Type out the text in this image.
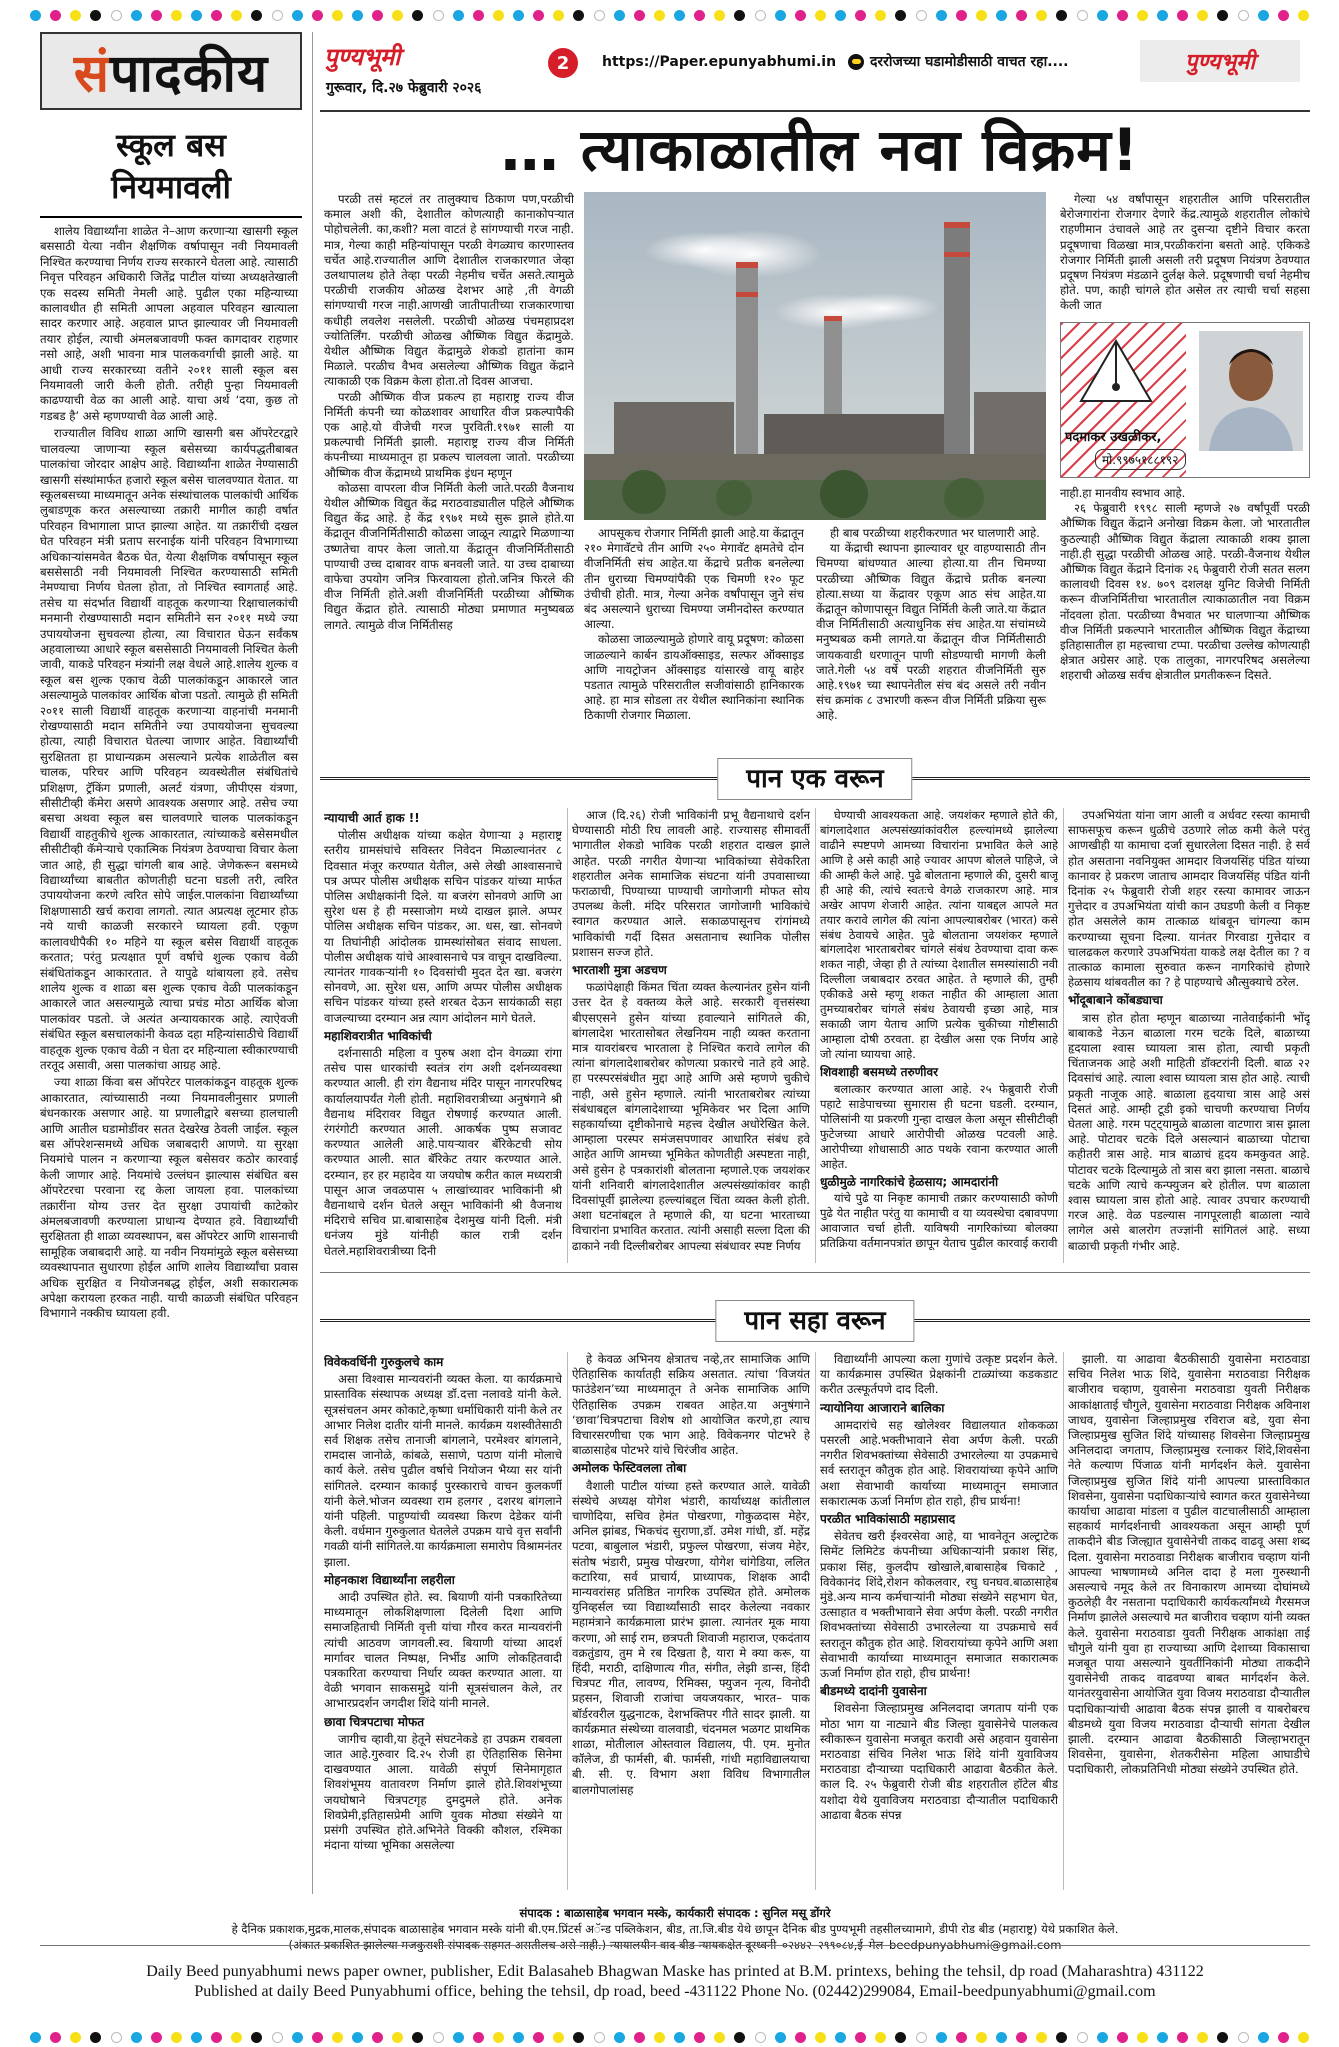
सं पादकीय
स्कूल बस
नियमावली

शालेय विद्यार्थ्यांना शाळेत ने–आण करणाऱ्या खासगी स्कूल बससाठी येत्या नवीन शैक्षणिक वर्षापासून नवी नियमावली निश्चित करण्याचा निर्णय राज्य सरकारने घेतला आहे. त्यासाठी निवृत्त परिवहन अधिकारी जितेंद्र पाटील यांच्या अध्यक्षतेखाली एक सदस्य समिती नेमली आहे. पुढील एका महिन्याच्या कालावधीत ही समिती आपला अहवाल परिवहन खात्याला सादर करणार आहे. अहवाल प्राप्त झाल्यावर जी नियमावली तयार होईल, त्याची अंमलबजावणी फक्त कागदावर राहणार नसो आहे, अशी भावना मात्र पालकवर्गाची झाली आहे. या आधी राज्य सरकारच्या वतीने २०११ साली स्कूल बस नियमावली जारी केली होती. तरीही पुन्हा नियमावली काढण्याची वेळ का आली आहे. याचा अर्थ ‘दया, कुछ तो गडबड है’ असे म्हणण्याची वेळ आली आहे.

राज्यातील विविध शाळा आणि खासगी बस ऑपरेटरद्वारे चालवल्या जाणाऱ्या स्कूल बसेसच्या कार्यपद्धतीबाबत पालकांचा जोरदार आक्षेप आहे. विद्यार्थ्यांना शाळेत नेण्यासाठी खासगी संस्थांमार्फत हजारो स्कूल बसेस चालवण्यात येतात. या स्कूलबसच्या माध्यमातून अनेक संस्थांचालक पालकांची आर्थिक लुबाडणूक करत असल्याच्या तक्रारी मागील काही वर्षात परिवहन विभागाला प्राप्त झाल्या आहेत. या तक्रारींची दखल घेत परिवहन मंत्री प्रताप सरनाईक यांनी परिवहन विभागाच्या अधिकाऱ्यांसमवेत बैठक घेत, येत्या शैक्षणिक वर्षापासून स्कूल बससेसाठी नवी नियमावली निश्चित करण्यासाठी समिती नेमण्याचा निर्णय घेतला होता, तो निश्चित स्वागतार्ह आहे. तसेच या संदर्भात विद्यार्थी वाहतूक करणाऱ्या रिक्षाचालकांची मनमानी रोखण्यासाठी मदान समितीने सन २०११ मध्ये ज्या उपाययोजना सुचवल्या होत्या, त्या विचारात घेऊन सर्वंकष अहवालाच्या आधारे स्कूल बससेसाठी नियमावली निश्चित केली जावी, याकडे परिवहन मंत्र्यांनी लक्ष वेधले आहे.शालेय शुल्क व स्कूल बस शुल्क एकाच वेळी पालकांकडून आकारले जात असल्यामुळे पालकांवर आर्थिक बोजा पडतो. त्यामुळे ही समिती २०११ साली विद्यार्थी वाहतूक करणाऱ्या वाहनांची मनमानी रोखण्यासाठी मदान समितीने ज्या उपाययोजना सुचवल्या होत्या, त्याही विचारात घेतल्या जाणार आहेत. विद्यार्थ्यांची सुरक्षितता हा प्राधान्यक्रम असल्याने प्रत्येक शाळेतील बस चालक, परिचर आणि परिवहन व्यवस्थेतील संबंधितांचे प्रशिक्षण, ट्रॅकिंग प्रणाली, अलर्ट यंत्रणा, जीपीएस यंत्रणा, सीसीटीव्ही कॅमेरा असणे आवश्यक असणार आहे. तसेच ज्या बसचा अथवा स्कूल बस चालवणारे चालक पालकांकडून विद्यार्थी वाहतुकीचे शुल्क आकारतात, त्यांच्याकडे बसेसमधील सीसीटीव्ही कॅमेऱ्याचे एकात्मिक नियंत्रण ठेवण्याचा विचार केला जात आहे, ही सुद्धा चांगली बाब आहे. जेणेकरून बसमध्ये विद्यार्थ्यांच्या बाबतीत कोणतीही घटना घडली तरी, त्वरित उपाययोजना करणे त्वरित सोपे जाईल.पालकांना विद्यार्थ्यांच्या शिक्षणासाठी खर्च करावा लागतो. त्यात अप्रत्यक्ष लूटमार होऊ नये याची काळजी सरकारने घ्यायला हवी. एकूण कालावधीपैकी १० महिने या स्कूल बसेस विद्यार्थी वाहतूक करतात; परंतु प्रत्यक्षात पूर्ण वर्षाचे शुल्क एकाच वेळी संबंधितांकडून आकारतात. ते यापुढे थांबायला हवे. तसेच शालेय शुल्क व शाळा बस शुल्क एकाच वेळी पालकांकडून आकारले जात असल्यामुळे त्याचा प्रचंड मोठा आर्थिक बोजा पालकांवर पडतो. जे अत्यंत अन्यायकारक आहे. त्याऐवजी संबंधित स्कूल बसचालकांनी केवळ दहा महिन्यांसाठीचे विद्यार्थी वाहतूक शुल्क एकाच वेळी न घेता दर महिन्याला स्वीकारण्याची तरतूद असावी, असा पालकांचा आग्रह आहे.

ज्या शाळा किंवा बस ऑपरेटर पालकांकडून वाहतूक शुल्क आकारतात, त्यांच्यासाठी नव्या नियमावलीनुसार प्रणाली बंधनकारक असणार आहे. या प्रणालीद्वारे बसच्या हालचाली आणि आतील घडामोडींवर सतत देखरेख ठेवली जाईल. स्कूल बस ऑपरेशन्समध्ये अधिक जबाबदारी आणणे. या सुरक्षा नियमांचे पालन न करणाऱ्या स्कूल बसेसवर कठोर कारवाई केली जाणार आहे. नियमांचे उल्लंघन झाल्यास संबंधित बस ऑपरेटरचा परवाना रद्द केला जायला हवा. पालकांच्या तक्रारींना योग्य उत्तर देत सुरक्षा उपायांची काटेकोर अंमलबजावणी करण्याला प्राधान्य देण्यात हवे. विद्यार्थ्यांची सुरक्षितता ही शाळा व्यवस्थापन, बस ऑपरेटर आणि शासनाची सामूहिक जबाबदारी आहे. या नवीन नियमांमुळे स्कूल बसेसच्या व्यवस्थापनात सुधारणा होईल आणि शालेय विद्यार्थ्यांचा प्रवास अधिक सुरक्षित व नियोजनबद्ध होईल, अशी सकारात्मक अपेक्षा करायला हरकत नाही. याची काळजी संबंधित परिवहन विभागाने नक्कीच घ्यायला हवी.

पुण्यभूमी
गुरूवार, दि.२७ फेब्रुवारी २०२६
2	https://Paper.epunyabhumi.in दररोजच्या घडामोडीसाठी वाचत रहा....	पुण्यभूमी
… त्याकाळातील नवा विक्रम!

परळी तसं म्हटलं तर तालुक्याच ठिकाण पण,परळीची कमाल अशी की, देशातील कोणत्याही कानाकोपऱ्यात पोहोचलेली. का,कशी? मला वाटतं हे सांगण्याची गरज नाही. मात्र, गेल्या काही महिन्यांपासून परळी वेगळ्याच कारणास्तव चर्चेत आहे.राज्यातील आणि देशातील राजकारणात जेव्हा उलथापालथ होते तेव्हा परळी नेहमीच चर्चेत असते.त्यामुळे परळीची राजकीय ओळख देशभर आहे ,ती वेगळी सांगण्याची गरज नाही.आणखी जातीपातीच्या राजकारणाचा कधीही लवलेश नसलेली. परळीची ओळख पंचमहाप्रदश ज्योतिर्लिंग. परळीची ओळख औष्णिक विद्युत केंद्रामुळे. येथील औष्णिक विद्युत केंद्रामुळे शेकडो हातांना काम मिळाले. परळीच वैभव असलेल्या औष्णिक विद्युत केंद्राने त्याकाळी एक विक्रम केला होता.तो दिवस आजचा.

परळी औष्णिक वीज प्रकल्प हा महाराष्ट्र राज्य वीज निर्मिती कंपनी च्या कोळशावर आधारित वीज प्रकल्पापैकी एक आहे.यो वीजेची गरज पुरविती.१९७१ साली या प्रकल्पाची निर्मिती झाली. महाराष्ट्र राज्य वीज निर्मिती कंपनीच्या माध्यमातून हा प्रकल्प चालवला जातो. परळीच्या औष्णिक वीज केंद्रामध्ये प्राथमिक इंधन म्हणून

कोळसा वापरला वीज निर्मिती केली जाते.परळी वैजनाथ येथील औष्णिक विद्युत केंद्र मराठवाड्यातील पहिले औष्णिक विद्युत केंद्र आहे. हे केंद्र १९७१ मध्ये सुरू झाले होते.या केंद्रातून वीजनिर्मितीसाठी कोळसा जाळून त्याद्वारे मिळणाऱ्या उष्णतेचा वापर केला जातो.या केंद्रातून वीजनिर्मितीसाठी पाण्याची उच्च दाबावर वाफ बनवली जाते. या उच्च दाबाच्या वाफेचा उपयोग जनित्र फिरवायला होतो.जनित्र फिरले की वीज निर्मिती होते.अशी वीजनिर्मिती परळीच्या औष्णिक विद्युत केंद्रात होते. त्यासाठी मोठ्या प्रमाणात मनुष्यबळ लागते. त्यामुळे वीज निर्मितीसह

आपसूकच रोजगार निर्मिती झाली आहे.या केंद्रातून २१० मेगावॅटचे तीन आणि २५० मेगावॅट क्षमतेचे दोन वीजनिर्मिती संच आहेत.या केंद्राचे प्रतीक बनलेल्या तीन धुराच्या चिमण्यांपैकी एक चिमणी १२० फूट उंचीची होती. मात्र, गेल्या अनेक वर्षांपासून जुने संच बंद असल्याने धुराच्या चिमण्या जमीनदोस्त करण्यात आल्या.

कोळसा जाळल्यामुळे होणारे वायू प्रदूषण: कोळसा जाळल्याने कार्बन डायऑक्साइड, सल्फर ऑक्साइड आणि नायट्रोजन ऑक्साइड यांसारखे वायू बाहेर पडतात त्यामुळे परिसरातील सजीवांसाठी हानिकारक आहे. हा मात्र सोडला तर येथील स्थानिकांना स्थानिक ठिकाणी रोजगार मिळाला.

ही बाब परळीच्या शहरीकरणात भर घालणारी आहे.

या केंद्राची स्थापना झाल्यावर धूर वाहण्यासाठी तीन चिमण्या बांधण्यात आल्या होत्या.या तीन चिमण्या परळीच्या औष्णिक विद्युत केंद्राचे प्रतीक बनल्या होत्या.सध्या या केंद्रावर एकूण आठ संच आहेत.या केंद्रातून कोणापासून विद्युत निर्मिती केली जाते.या केंद्रात वीज निर्मितीसाठी अत्याधुनिक संच आहेत.या संचांमध्ये मनुष्यबळ कमी लागते.या केंद्रातून वीज निर्मितीसाठी जायकवाडी धरणातून पाणी सोडण्याची मागणी केली जाते.गेली ५४ वर्षे परळी शहरात वीजनिर्मिती सुरु आहे.१९७१ च्या स्थापनेतील संच बंद असले तरी नवीन संच क्रमांक ८ उभारणी करून वीज निर्मिती प्रक्रिया सुरू आहे.

गेल्या ५४ वर्षांपासून शहरातील आणि परिसरातील बेरोजगारांना रोजगार देणारे केंद्र.त्यामुळे शहरातील लोकांचे राहणीमान उंचावले आहे तर दुसऱ्या दृष्टीने विचार करता प्रदूषणाचा विळखा मात्र,परळीकरांना बसतो आहे. एकिकडे रोजगार निर्मिती झाली असली तरी प्रदूषण नियंत्रण ठेवण्यात प्रदूषण नियंत्रण मंडळाने दुर्लक्ष केले. प्रदूषणाची चर्चा नेहमीच होते. पण, काही चांगले होत असेल तर त्याची चर्चा सहसा केली जात

पदमाकर उखळीकर,
मो.९९७५१८८१९२

नाही.हा मानवीय स्वभाव आहे.

२६ फेब्रुवारी १९९८ साली म्हणजे २७ वर्षांपूर्वी परळी औष्णिक विद्युत केंद्राने अनोखा विक्रम केला. जो भारतातील कुठल्याही औष्णिक विद्युत केंद्राला त्याकाळी शक्य झाला नाही.ही सुद्धा परळीची ओळख आहे. परळी-वैजनाथ येथील औष्णिक विद्युत केंद्राने दिनांक २६ फेब्रुवारी रोजी सतत सलग कालावधी दिवस १४. ७०९ दशलक्ष युनिट विजेची निर्मिती करून वीजनिर्मितीचा भारतातील त्याकाळातील नवा विक्रम नोंदवला होता. परळीच्या वैभवात भर घालणाऱ्या औष्णिक वीज निर्मिती प्रकल्पाने भारतातील औष्णिक विद्युत केंद्राच्या इतिहासातील हा महत्त्वाचा टप्पा. परळीचा उल्लेख कोणत्याही क्षेत्रात अग्रेसर आहे. एक तालुका, नागरपरिषद असलेल्या शहराची ओळख सर्वच क्षेत्रातील प्रगतीकरून दिसते.

पान एक वरून

न्यायाची आर्त हाक !!

पोलीस अधीक्षक यांच्या कक्षेत येणाऱ्या ३ महाराष्ट्र स्तरीय ग्रामसंघांचे सविस्तर निवेदन मिळाल्यानंतर ८ दिवसात मंजूर करण्यात येतील, असे लेखी आश्वासनाचे पत्र अप्पर पोलीस अधीक्षक सचिन पांडकर यांच्या मार्फत पोलिस अधीक्षकांनी दिले. या बजरंग सोनवणे आणि आ सुरेश धस हे ही मस्साजोग मध्ये दाखल झाले. अप्पर पोलिस अधीक्षक सचिन पांडकर, आ. धस, खा. सोनवणे या तिघांनीही आंदोलक ग्रामस्थांसोबत संवाद साधला. पोलीस अधीक्षक यांचे आश्वासनाचे पत्र वाचून दाखविल्या. त्यानंतर गावकऱ्यांनी १० दिवसांची मुदत देत खा. बजरंग सोनवणे, आ. सुरेश धस, आणि अप्पर पोलीस अधीक्षक सचिन पांडकर यांच्या हस्ते शरबत देऊन सायंकाळी सहा वाजल्याच्या दरम्यान अन्न त्याग आंदोलन मागे घेतले.

महाशिवरात्रीत भाविकांची

दर्शनासाठी महिला व पुरुष अशा दोन वेगळ्या रांगा तसेच पास धारकांची स्वतंत्र रांग अशी दर्शनव्यवस्था करण्यात आली. ही रांग वैद्यनाथ मंदिर पासून नागरपरिषद कार्यालयापर्यंत गेली होती. महाशिवरात्रीच्या अनुषंगाने श्री वैद्यनाथ मंदिरावर विद्युत रोषणाई करण्यात आली. रंगरंगोटी करण्यात आली. आकर्षक पुष्प सजावट करण्यात आलेली आहे.पायऱ्यावर बॅरिकेटची सोय करण्यात आली. सात बॅरिकेट तयार करण्यात आले. दरम्यान, हर हर महादेव या जयघोष करीत काल मध्यरात्री पासून आज जवळपास ५ लाखांच्यावर भाविकांनी श्री वैद्यनाथाचे दर्शन घेतले असून भाविकांनी श्री वैजनाथ मंदिराचे सचिव प्रा.बाबासाहेब देशमुख यांनी दिली. मंत्री धनंजय मुंडे यांनीही काल रात्री दर्शन घेतले.महाशिवरात्रीच्या दिनी

आज (दि.२६) रोजी भाविकांनी प्रभू वैद्यनाथाचे दर्शन घेण्यासाठी मोठी रिघ लावली आहे. राज्यासह सीमावर्ती भागातील शेकडो भाविक परळी शहरात दाखल झाले आहेत. परळी नगरीत येणाऱ्या भाविकांच्या सेवेकरिता शहरातील अनेक सामाजिक संघटना यांनी उपवासाच्या फराळाची, पिण्याच्या पाण्याची जागोजागी मोफत सोय उपलब्ध केली. मंदिर परिसरात जागोजागी भाविकांचे स्वागत करण्यात आले. सकाळपासूनच रांगांमध्ये भाविकांची गर्दी दिसत असतानाच स्थानिक पोलीस प्रशासन सज्ज होते.

भारताशी मुत्रा अडचण

फळांपेक्षाही किंमत चिंता व्यक्त केल्यानंतर हुसेन यांनी उत्तर देत हे वक्तव्य केले आहे. सरकारी वृत्तसंस्था बीएसएसने हुसेन यांच्या हवाल्याने सांगितले की, बांगलादेश भारतासोबत लेखनियम नाही व्यक्त करताना मात्र यावरांबरच भारताला हे निश्चित करावे लागेल की त्यांना बांगलादेशाबरोबर कोणत्या प्रकारचे नाते हवे आहे. हा परस्परसंबंधीत मुद्दा आहे आणि असे म्हणणे चुकीचे नाही, असे हुसेन म्हणाले. त्यांनी भारताबरोबर त्यांच्या संबंधाबद्दल बांगलादेशाच्या भूमिकेवर भर दिला आणि सहकार्याच्या दृष्टीकोनाचे महत्त्व देखील अधोरेखित केले. आम्हाला परस्पर समंजसपणावर आधारित संबंध हवे आहेत आणि आमच्या भूमिकेत कोणतीही अस्पष्टता नाही, असे हुसेन हे पत्रकारांशी बोलताना म्हणाले.एक जयशंकर यांनी शनिवारी बांगलादेशातील अल्पसंख्यांकांवर काही दिवसांपूर्वी झालेल्या हल्ल्यांबद्दल चिंता व्यक्त केली होती. अशा घटनांबद्दल ते म्हणाले की, या घटना भारताच्या विचारांना प्रभावित करतात. त्यांनी असाही सल्ला दिला की ढाकाने नवी दिल्लीबरोबर आपल्या संबंधावर स्पष्ट निर्णय

घेण्याची आवश्यकता आहे. जयशंकर म्हणाले होते की, बांगलादेशात अल्पसंख्यांकांवरील हल्ल्यांमध्ये झालेल्या वाढीने स्पष्टपणे आमच्या विचारांना प्रभावित केले आहे आणि हे असे काही आहे ज्यावर आपण बोलले पाहिजे, जे की आम्ही केले आहे. पुढे बोलताना म्हणाले की, दुसरी बाजू ही आहे की, त्यांचे स्वतःचे वेगळे राजकारण आहे. मात्र अखेर आपण शेजारी आहेत. त्यांना याबद्दल आपले मत तयार करावे लागेल की त्यांना आपल्याबरोबर (भारत) कसे संबंध ठेवायचे आहेत. पुढे बोलताना जयशंकर म्हणाले बांगलादेश भारताबरोबर चांगले संबंध ठेवण्याचा दावा करू शकत नाही, जेव्हा ही ते त्यांच्या देशातील समस्यांसाठी नवी दिल्लीला जबाबदार ठरवत आहेत. ते म्हणाले की, तुम्ही एकीकडे असे म्हणू शकत नाहीत की आम्हाला आता तुमच्याबरोबर चांगले संबंध ठेवायची इच्छा आहे, मात्र सकाळी जाग येताच आणि प्रत्येक चुकीच्या गोष्टीसाठी आम्हाला दोषी ठरवता. हा देखील असा एक निर्णय आहे जो त्यांना घ्यायचा आहे.

शिवशाही बसमध्ये तरुणीवर

बलात्कार करण्यात आला आहे. २५ फेब्रुवारी रोजी पहाटे साडेपाचच्या सुमारास ही घटना घडली. दरम्यान, पोलिसांनी या प्रकरणी गुन्हा दाखल केला असून सीसीटीव्ही फुटेजच्या आधारे आरोपीची ओळख पटवली आहे. आरोपीच्या शोधासाठी आठ पथके रवाना करण्यात आली आहेत.

धुळीमुळे नागरिकांचे हेळसाय; आमदारांनी

यांचे पुढे या निकृष्ट कामाची तक्रार करण्यासाठी कोणी पुढे येत नाहीत परंतु या कामाची व या व्यवस्थेचा दबावपणा आवाजात चर्चा होती. याविषयी नागरिकांच्या बोलक्या प्रतिक्रिया वर्तमानपत्रांत छापून येताच पुढील कारवाई करावी

उपअभियंता यांना जाग आली व अर्धवट रस्त्या कामाची साफसफूच करून धुळीचे उठणारे लोळ कमी केले परंतु आणखीही या कामाचा दर्जा सुधारलेला दिसत नाही. हे सर्व होत असताना नवनियुक्त आमदार विजयसिंह पंडित यांच्या कानावर हे प्रकरण जाताच आमदार विजयसिंह पंडित यांनी दिनांक २५ फेब्रुवारी रोजी शहर रस्त्या कामावर जाऊन गुत्तेदार व उपअभियंता यांची कान उघडणी केली व निकृष्ट होत असलेले काम तात्काळ थांबवून चांगल्या काम करण्याच्या सूचना दिल्या. यानंतर गिरवाडा गुत्तेदार व चालढकल करणारे उपअभियंता याकडे लक्ष देतील का ? व तात्काळ कामाला सुरुवात करून नागरिकांचे होणारे हेळसाय थांबवतील का ? हे पाहण्याचे औत्सुक्याचे ठरेल.

भोंदूबाबाने कोंबड्याचा

त्रास होत होता म्हणून बाळाच्या नातेवाईकांनी भोंदू बाबाकडे नेऊन बाळाला गरम चटके दिले, बाळाच्या हृदयाला श्वास घ्यायला त्रास होता, त्याची प्रकृती चिंताजनक आहे अशी माहिती डॉक्टरांनी दिली. बाळ २२ दिवसांचं आहे. त्याला श्वास घ्यायला त्रास होत आहे. त्याची प्रकृती नाजूक आहे. बाळाला हृदयाचा त्रास आहे असं दिसतं आहे. आम्ही टूडी इको चाचणी करण्याचा निर्णय घेतला आहे. गरम पट्ट्यामुळे बाळाला वाटणारा त्रास झाला आहे. पोटावर चटके दिले असल्यानं बाळाच्या पोटाचा कहीतरी त्रास आहे. मात्र बाळाचं हृदय कमकुवत आहे. पोटावर चटके दिल्यामुळे तो त्रास बरा झाला नसता. बाळाचे चटके आणि त्याचे कन्फ्युजन बरे होतील. पण बाळाला श्वास घ्यायला त्रास होतो आहे. त्यावर उपचार करण्याची गरज आहे. वेळ पडल्यास नागपूरलाही बाळाला न्यावे लागेल असे बालरोग तज्ज्ञांनी सांगितलं आहे. सध्या बाळाची प्रकृती गंभीर आहे.

पान सहा वरून

विवेकवर्धिनी गुरुकुलचे काम

असा विश्वास मान्यवरांनी व्यक्त केला. या कार्यक्रमाचे प्रास्ताविक संस्थापक अध्यक्ष डॉ.दत्ता नलावडे यांनी केले. सूत्रसंचलन अमर कोकाटे,कृष्णा धर्माधिकारी यांनी केले तर आभार निलेश दातीर यांनी मानले. कार्यक्रम यशस्वीतेसाठी सर्व शिक्षक तसेच तानाजी बांगलाने, परमेश्वर बांगलाने, रामदास जानोळे, कांबळे, ससाणे, पठाण यांनी मोलाचे कार्य केले. तसेच पुढील वर्षाचे नियोजन भैय्या सर यांनी सांगितले. दरम्यान काकाई पुरस्काराचे वाचन कुलकर्णी यांनी केले.भोजन व्यवस्था राम हलगर , दशरथ बांगलाने यांनी पहिली. पाहुण्यांची व्यवस्था किरण देडेकर यांनी केली. वर्धमान गुरुकुलात घेतलेले उपक्रम याचे वृत्त सर्वांनी गवळी यांनी सांगितले.या कार्यक्रमाला समारोप विश्रामनंतर झाला.

मोहनकाश विद्यार्थ्यांना लहरीला

आदी उपस्थित होते. स्व. बियाणी यांनी पत्रकारितेच्या माध्यमातून लोकशिक्षणाला दिलेली दिशा आणि समाजहिताची निर्मिती वृत्ती यांचा गौरव करत मान्यवरांनी त्यांची आठवण जागवली.स्व. बियाणी यांच्या आदर्श मार्गावर चालत निष्पक्ष, निर्भीड आणि लोकहितवादी पत्रकारिता करण्याचा निर्धार व्यक्त करण्यात आला. या वेळी भगवान साकसमुद्रे यांनी सूत्रसंचालन केले, तर आभारप्रदर्शन जगदीश शिंदे यांनी मानले.

छावा चित्रपटाचा मोफत

जागीच व्हावी,या हेतूने संघटनेकडे हा उपक्रम राबवला जात आहे.गुरुवार दि.२५ रोजी हा ऐतिहासिक सिनेमा दाखवण्यात आला. यावेळी संपूर्ण सिनेमागृहात शिवशंभूमय वातावरण निर्माण झाले होते.शिवशंभूच्या जयघोषाने चित्रपटगृह दुमदुमले होते. अनेक शिवप्रेमी,इतिहासप्रेमी आणि युवक मोठ्या संख्येने या प्रसंगी उपस्थित होते.अभिनेते विक्की कौशल, रश्मिका मंदाना यांच्या भूमिका असलेल्या

हे केवळ अभिनय क्षेत्रातच नव्हे,तर सामाजिक आणि ऐतिहासिक कार्यातही सक्रिय असतात. त्यांचा ‘विजयंत फाउंडेशन’च्या माध्यमातून ते अनेक सामाजिक आणि ऐतिहासिक उपक्रम राबवत आहेत.या अनुषंगाने ‘छावा’चित्रपटाचा विशेष शो आयोजित करणे,हा त्याच विचारसरणीचा एक भाग आहे. विवेकनगर पोटभरे हे बाळासाहेब पोटभरे यांचे चिरंजीव आहेत.

अमोलक फेस्टिवलला तोबा

वैशाली पाटील यांच्या हस्ते करण्यात आले. यावेळी संस्थेचे अध्यक्ष योगेश भंडारी, कार्याध्यक्ष कांतीलाल चाणोदिया, सचिव हेमंत पोखरणा, गोकुळदास मेहेर, अनिल झांबड, भिकचंद सुराणा,डॉ. उमेश गांधी, डॉ. महेंद्र पटवा, बाबुलाल भंडारी, प्रफुल्ल पोखरणा, संजय मेहेर, संतोष भंडारी, प्रमुख पोखरणा, योगेश चांगेडिया, ललित कटारिया, सर्व प्राचार्य, प्राध्यापक, शिक्षक आदी मान्यवरांसह प्रतिष्ठित नागरिक उपस्थित होते. अमोलक युनिव्हर्सल च्या विद्यार्थ्यांसाठी सादर केलेल्या नवकार महामंत्राने कार्यक्रमाला प्रारंभ झाला. त्यानंतर मूक माया करणा, ओ साई राम, छत्रपती शिवाजी महाराज, एकदंताय वक्रतुंडाय, तुम मे रब दिखता है, यारा मे क्या करू, या हिंदी, मराठी, दाक्षिणात्य गीत, संगीत, लेझी डान्स, हिंदी चित्रपट गीत, लावण्य, रिमिक्स, फ्युजन नृत्य, विनोदी प्रहसन, शिवाजी राजांचा जयजयकार, भारत– पाक बॉर्डरवरील युद्धनाटक, देशभक्तिपर गीते सादर झाली. या कार्यक्रमात संस्थेच्या वालवाडी, चंदनमल भळगट प्राथमिक शाळा, मोतीलाल ओस्तवाल विद्यालय, पी. एम. मुनोत कॉलेज, डी फार्मसी, बी. फार्मसी, गांधी महाविद्यालयाचा बी. सी. ए. विभाग अशा विविध विभागातील बालगोपालांसह

विद्यार्थ्यांनी आपल्या कला गुणांचे उत्कृष्ट प्रदर्शन केले. या कार्यक्रमास उपस्थित प्रेक्षकांनी टाळ्यांच्या कडकडाट करीत उत्स्फूर्तपणे दाद दिली.

न्यायोनिया आजाराने बालिका

आमदारांचे सह खोलेश्वर विद्यालयात शोककळा पसरली आहे.भक्तीभावाने सेवा अर्पण केली. परळी नगरीत शिवभक्तांच्या सेवेसाठी उभारलेल्या या उपक्रमाचे सर्व स्तरातून कौतुक होत आहे. शिवरायांच्या कृपेने आणि अशा सेवाभावी कार्याच्या माध्यमातून समाजात सकारात्मक ऊर्जा निर्माण होत राहो, हीच प्रार्थना!

परळीत भाविकांसाठी महाप्रसाद

सेवेतच खरी ईश्वरसेवा आहे, या भावनेतून अल्ट्राटेक सिमेंट लिमिटेड कंपनीच्या अधिकाऱ्यांनी प्रकाश सिंह, प्रकाश सिंह, कुलदीप खोखाले,बाबासाहेब चिकाटे , विवेकानंद शिंदे,रोशन कोकलवार, रघु घनघव.बाळासाहेब मुंडे.अन्य मान्य कर्मचाऱ्यांनी मोठ्या संख्येने सहभाग घेत, उत्साहात व भक्तीभावाने सेवा अर्पण केली. परळी नगरीत शिवभक्तांच्या सेवेसाठी उभारलेल्या या उपक्रमाचे सर्व स्तरातून कौतुक होत आहे. शिवरायांच्या कृपेने आणि अशा सेवाभावी कार्याच्या माध्यमातून समाजात सकारात्मक ऊर्जा निर्माण होत राहो, हीच प्रार्थना!

बीडमध्ये दादांनी युवासेना

शिवसेना जिल्हाप्रमुख अनिलदादा जगताप यांनी एक मोठा भाग या नाट्याने बीड जिल्हा युवासेनेचे पालकत्व स्वीकारून युवासेना मजबूत करावी असे अहवान युवासेना मराठवाडा संचिव निलेश भाऊ शिंदे यांनी युवाविजय मराठवाडा दौऱ्याच्या पदाधिकारी आढावा बैठकीत केले. काल दि. २५ फेब्रुवारी रोजी बीड शहरातील हॉटेल बीड यशोदा येथे युवाविजय मराठवाडा दौऱ्यातील पदाधिकारी आढावा बैठक संपन्न

झाली. या आढावा बैठकीसाठी युवासेना मराठवाडा सचिव निलेश भाऊ शिंदे, युवासेना मराठवाडा निरीक्षक बाजीराव चव्हाण, युवासेना मराठवाडा युवती निरीक्षक आकांक्षाताई चौगुले, युवासेना मराठवाडा निरीक्षक अविनाश जाधव, युवासेना जिल्हाप्रमुख रविराज बडे, युवा सेना जिल्हाप्रमुख सुजित शिंदे यांच्यासह शिवसेना जिल्हाप्रमुख अनिलदादा जगताप, जिल्हाप्रमुख रत्नाकर शिंदे,शिवसेना नेते कल्याण पिंजाळ यांनी मार्गदर्शन केले. युवासेना जिल्हाप्रमुख सुजित शिंदे यांनी आपल्या प्रास्ताविकात शिवसेना, युवासेना पदाधिकाऱ्यांचे स्वागत करत युवासेनेच्या कार्याचा आढावा मांडला व पुढील वाटचालीसाठी आम्हाला सहकार्य मार्गदर्शनाची आवश्यकता असून आम्ही पूर्ण ताकदीने बीड जिल्ह्यात युवासेनेची ताकद वाढवू असा शब्द दिला. युवासेना मराठवाडा निरीक्षक बाजीराव चव्हाण यांनी आपल्या भाषणामध्ये अनिल दादा हे मला गुरुस्थानी असल्याचे नमूद केले तर विनाकारण आमच्या दोघांमध्ये कुठलेही वैर नसताना पदाधिकारी कार्यकर्त्यांमध्ये गैरसमज निर्माण झालेले असल्याचे मत बाजीराव चव्हाण यांनी व्यक्त केले. युवासेना मराठवाडा युवती निरीक्षक आकांक्षा ताई चौगुले यांनी युवा हा राज्याच्या आणि देशाच्या विकासाचा मजबूत पाया असल्याने युवतींनिकांनी मोठ्या ताकदीने युवासेनेची ताकद वाढवण्या बाबत मार्गदर्शन केले. यानंतरयुवासेना आयोजित युवा विजय मराठवाडा दौऱ्यातील पदाधिकाऱ्यांची आढावा बैठक संपन्न झाली व याबरोबरच बीडमध्ये युवा विजय मराठवाडा दौऱ्याची सांगता देखील झाली. दरम्यान आढावा बैठकीसाठी जिल्हाभरातून शिवसेना, युवासेना, शेतकरीसेना महिला आघाडीचे पदाधिकारी, लोकप्रतिनिधी मोठ्या संख्येने उपस्थित होते.

संपादक : बाळासाहेब भगवान मस्के, कार्यकारी संपादक : सुनिल मसू डोंगरे
हे दैनिक प्रकाशक,मुद्रक,मालक,संपादक बाळासाहेब भगवान मस्के यांनी बी.एम.प्रिंटर्स अॅन्ड पब्लिकेशन, बीड, ता.जि.बीड येथे छापून दैनिक बीड पुण्यभूमी तहसीलच्यामागे, डीपी रोड बीड (महाराष्ट्र) येथे प्रकाशित केले.
(अंकात प्रकाशित झालेल्या मजकुराशी संपादक सहमत असतीलच असे नाही.) न्यायालयीन वाद बीड न्यायकक्षेत दूरध्वनी–०२४४२–२९९०८४,ई–मेल–beedpunyabhumi@gmail.com
Daily Beed punyabhumi news paper owner, publisher, Edit Balasaheb Bhagwan Maske has printed at B.M. printexs, behing the tehsil, dp road (Maharashtra) 431122
Published at daily Beed Punyabhumi office, behing the tehsil, dp road, beed -431122 Phone No. (02442)299084, Email-beedpunyabhumi@gmail.com
